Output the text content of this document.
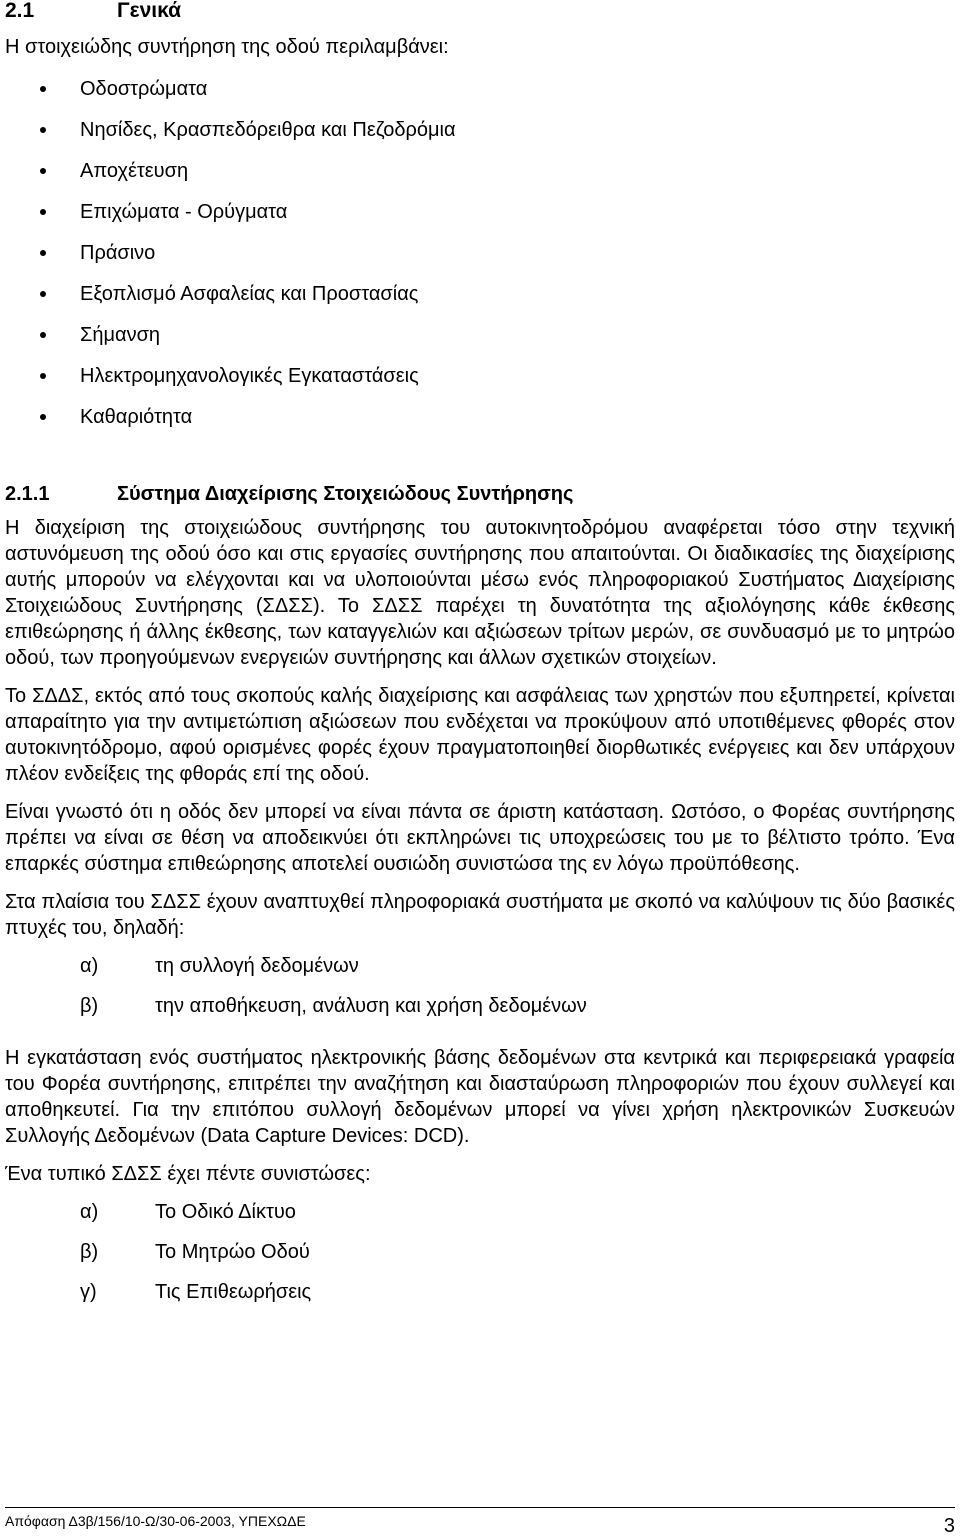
2.1	Γενικά

Η στοιχειώδης συντήρηση της οδού περιλαμβάνει:

Οδοστρώματα
Νησίδες, Κρασπεδόρειθρα και Πεζοδρόμια
Αποχέτευση
Επιχώματα - Ορύγματα
Πράσινο
Εξοπλισμό Ασφαλείας και Προστασίας
Σήμανση
Ηλεκτρομηχανολογικές Εγκαταστάσεις
Καθαριότητα
2.1.1	Σύστημα Διαχείρισης Στοιχειώδους Συντήρησης

Η διαχείριση της στοιχειώδους συντήρησης του αυτοκινητοδρόμου αναφέρεται τόσο στην τεχνική αστυνόμευση της οδού όσο και στις εργασίες συντήρησης που απαιτούνται. Οι διαδικασίες της διαχείρισης αυτής μπορούν να ελέγχονται και να υλοποιούνται μέσω ενός πληροφοριακού Συστήματος Διαχείρισης Στοιχειώδους Συντήρησης (ΣΔΣΣ). Το ΣΔΣΣ παρέχει τη δυνατότητα της αξιολόγησης κάθε έκθεσης επιθεώρησης ή άλλης έκθεσης, των καταγγελιών και αξιώσεων τρίτων μερών, σε συνδυασμό με το μητρώο οδού, των προηγούμενων ενεργειών συντήρησης και άλλων σχετικών στοιχείων.

Το ΣΔΔΣ, εκτός από τους σκοπούς καλής διαχείρισης και ασφάλειας των χρηστών που εξυπηρετεί, κρίνεται απαραίτητο για την αντιμετώπιση αξιώσεων που ενδέχεται να προκύψουν από υποτιθέμενες φθορές στον αυτοκινητόδρομο, αφού ορισμένες φορές έχουν πραγματοποιηθεί διορθωτικές ενέργειες και δεν υπάρχουν πλέον ενδείξεις της φθοράς επί της οδού.

Είναι γνωστό ότι η οδός δεν μπορεί να είναι πάντα σε άριστη κατάσταση. Ωστόσο, ο Φορέας συντήρησης πρέπει να είναι σε θέση να αποδεικνύει ότι εκπληρώνει τις υποχρεώσεις του με το βέλτιστο τρόπο. Ένα επαρκές σύστημα επιθεώρησης αποτελεί ουσιώδη συνιστώσα της εν λόγω προϋπόθεσης.

Στα πλαίσια του ΣΔΣΣ έχουν αναπτυχθεί πληροφοριακά συστήματα με σκοπό να καλύψουν τις δύο βασικές πτυχές του, δηλαδή:

α)	τη συλλογή δεδομένων
β)	την αποθήκευση, ανάλυση και χρήση δεδομένων

Η εγκατάσταση ενός συστήματος ηλεκτρονικής βάσης δεδομένων στα κεντρικά και περιφερειακά γραφεία του Φορέα συντήρησης, επιτρέπει την αναζήτηση και διασταύρωση πληροφοριών που έχουν συλλεγεί και αποθηκευτεί. Για την επιτόπου συλλογή δεδομένων μπορεί να γίνει χρήση ηλεκτρονικών Συσκευών Συλλογής Δεδομένων (Data Capture Devices: DCD).

Ένα τυπικό ΣΔΣΣ έχει πέντε συνιστώσες:

α)	Το Οδικό Δίκτυο
β)	Το Μητρώο Οδού
γ)	Τις Επιθεωρήσεις
Απόφαση Δ3β/156/10-Ω/30-06-2003, ΥΠΕΧΩΔΕ	3
